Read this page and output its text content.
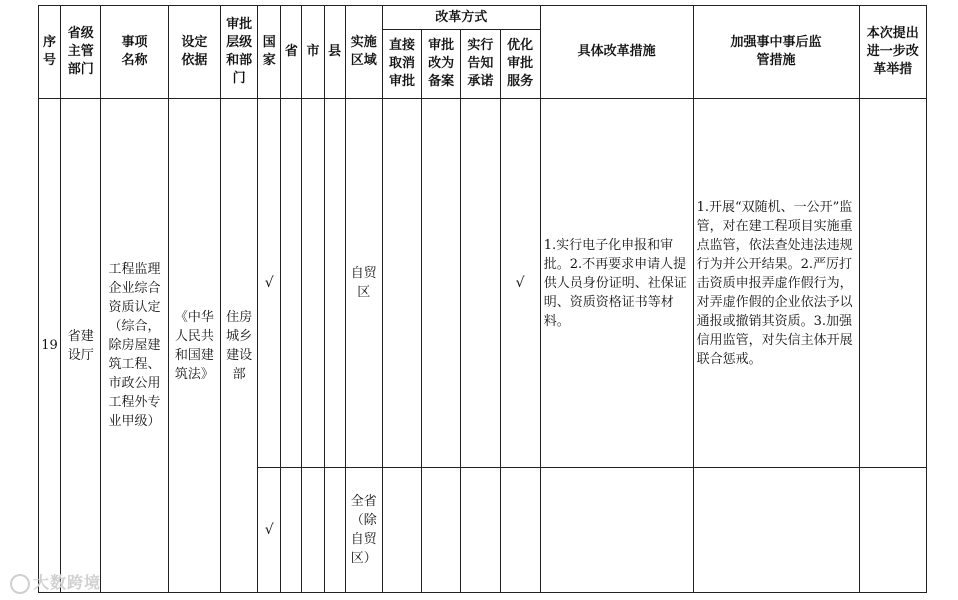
序号	省级主管部门	事项名称	设定依据	审批层级和部门	国家	省	市	县	实施区域	改革方式				具体改革措施	加强事中事后监管措施	本次提出进一步改革举措

										直接取消审批	审批改为备案	实行告知承诺	优化审批服务			

19	省建设厅	工程监理企业综合资质认定（综合，除房屋建筑工程、市政公用工程外专业甲级）	《中华人民共和国建筑法》	住房城乡建设部	√				自贸区				√	1.实行电子化申报和审批。2.不再要求申请人提供人员身份证明、社保证明、资质资格证书等材料。	1.开展“双随机、一公开”监管，对在建工程项目实施重点监管，依法查处违法违规行为并公开结果。2.严厉打击资质申报弄虚作假行为，对弄虚作假的企业依法予以通报或撤销其资质。3.加强信用监管，对失信主体开展联合惩戒。	
					√				全省（除自贸区）							

大数跨境
